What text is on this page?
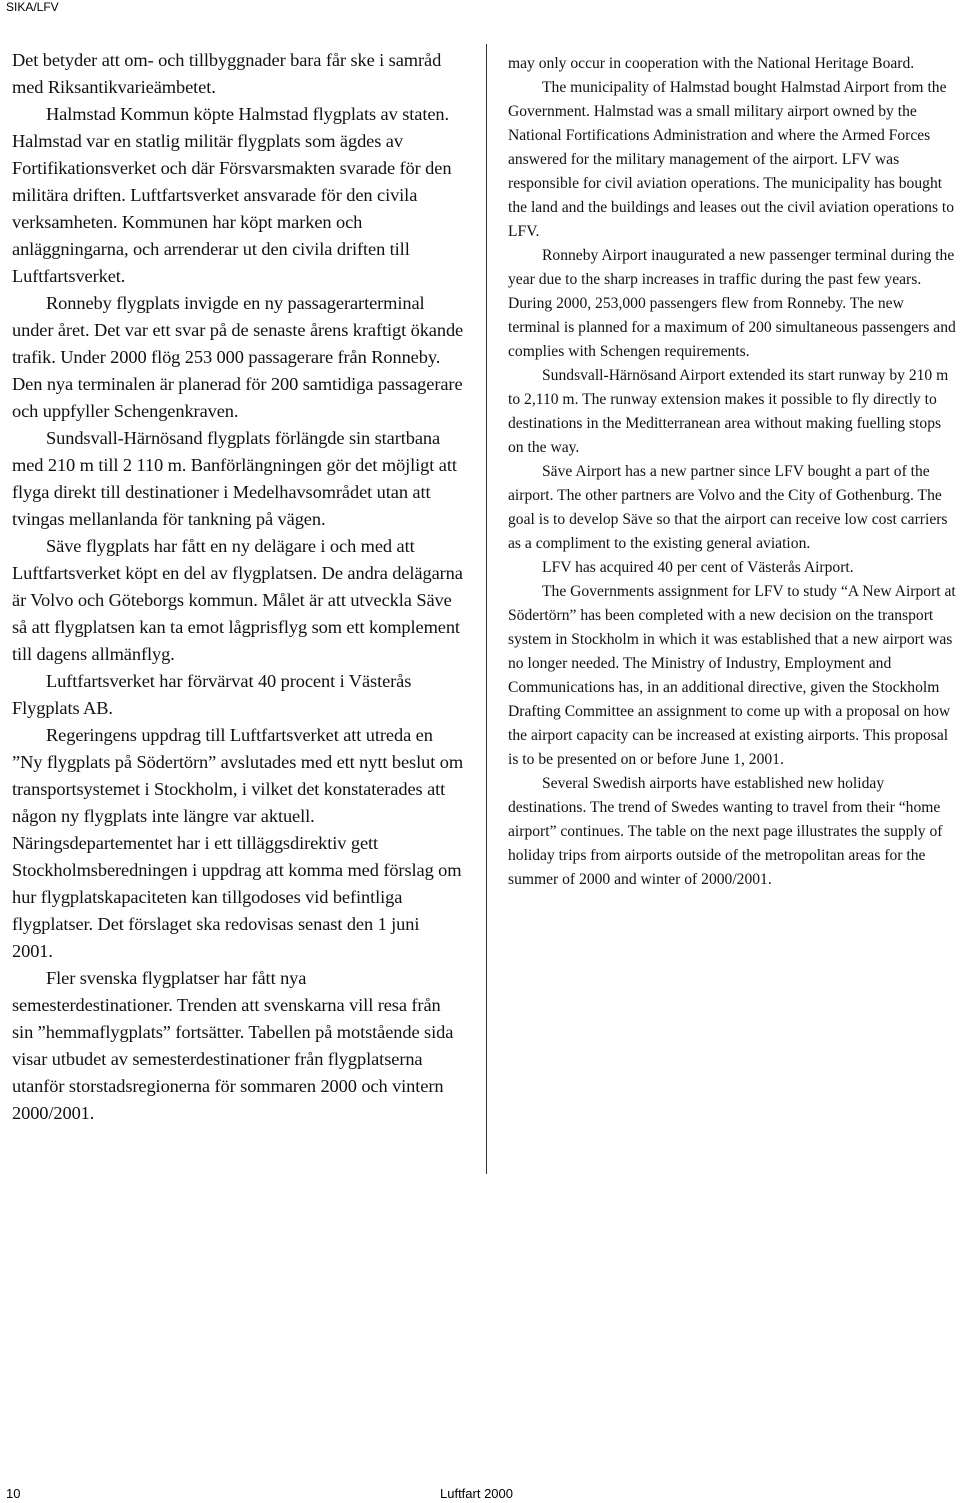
SIKA/LFV

Det betyder att om- och tillbyggnader bara får ske i samråd med Riksantikvarieämbetet.

Halmstad Kommun köpte Halmstad flygplats av staten. Halmstad var en statlig militär flygplats som ägdes av Fortifikationsverket och där Försvarsmakten svarade för den militära driften. Luftfartsverket ansvarade för den civila verksamheten. Kommunen har köpt marken och anläggningarna, och arrenderar ut den civila driften till Luftfartsverket.

Ronneby flygplats invigde en ny passagerarterminal under året. Det var ett svar på de senaste årens kraftigt ökande trafik. Under 2000 flög 253 000 passagerare från Ronneby. Den nya terminalen är planerad för 200 samtidiga passagerare och uppfyller Schengenkraven.

Sundsvall-Härnösand flygplats förlängde sin startbana med 210 m till 2 110 m. Banförlängningen gör det möjligt att flyga direkt till destinationer i Medelhavsområdet utan att tvingas mellanlanda för tankning på vägen.

Säve flygplats har fått en ny delägare i och med att Luftfartsverket köpt en del av flygplatsen. De andra delägarna är Volvo och Göteborgs kommun. Målet är att utveckla Säve så att flygplatsen kan ta emot lågprisflyg som ett komplement till dagens allmänflyg.

Luftfartsverket har förvärvat 40 procent i Västerås Flygplats AB.

Regeringens uppdrag till Luftfartsverket att utreda en ”Ny flygplats på Södertörn” avslutades med ett nytt beslut om transportsystemet i Stockholm, i vilket det konstaterades att någon ny flygplats inte längre var aktuell. Näringsdepartementet har i ett tilläggsdirektiv gett Stockholmsberedningen i uppdrag att komma med förslag om hur flygplatskapaciteten kan tillgodoses vid befintliga flygplatser. Det förslaget ska redovisas senast den 1 juni 2001.

Fler svenska flygplatser har fått nya semesterdestinationer. Trenden att svenskarna vill resa från sin ”hemmaflygplats” fortsätter. Tabellen på motstående sida visar utbudet av semesterdestinationer från flygplatserna utanför storstadsregionerna för sommaren 2000 och vintern 2000/2001.

may only occur in cooperation with the National Heritage Board.

The municipality of Halmstad bought Halmstad Airport from the Government. Halmstad was a small military airport owned by the National Fortifications Administration and where the Armed Forces answered for the military management of the airport. LFV was responsible for civil aviation operations. The municipality has bought the land and the buildings and leases out the civil aviation operations to LFV.

Ronneby Airport inaugurated a new passenger terminal during the year due to the sharp increases in traffic during the past few years. During 2000, 253,000 passengers flew from Ronneby. The new terminal is planned for a maximum of 200 simultaneous passengers and complies with Schengen requirements.

Sundsvall-Härnösand Airport extended its start runway by 210 m to 2,110 m. The runway extension makes it possible to fly directly to destinations in the Meditterranean area without making fuelling stops on the way.

Säve Airport has a new partner since LFV bought a part of the airport. The other partners are Volvo and the City of Gothenburg. The goal is to develop Säve so that the airport can receive low cost carriers as a compliment to the existing general aviation.

LFV has acquired 40 per cent of Västerås Airport.

The Governments assignment for LFV to study “A New Airport at Södertörn” has been completed with a new decision on the transport system in Stockholm in which it was established that a new airport was no longer needed. The Ministry of Industry, Employment and Communications has, in an additional directive, given the Stockholm Drafting Committee an assignment to come up with a proposal on how the airport capacity can be increased at existing airports. This proposal is to be presented on or before June 1, 2001.

Several Swedish airports have established new holiday destinations. The trend of Swedes wanting to travel from their “home airport” continues. The table on the next page illustrates the supply of holiday trips from airports outside of the metropolitan areas for the summer of 2000 and winter of 2000/2001.

10	Luftfart 2000
